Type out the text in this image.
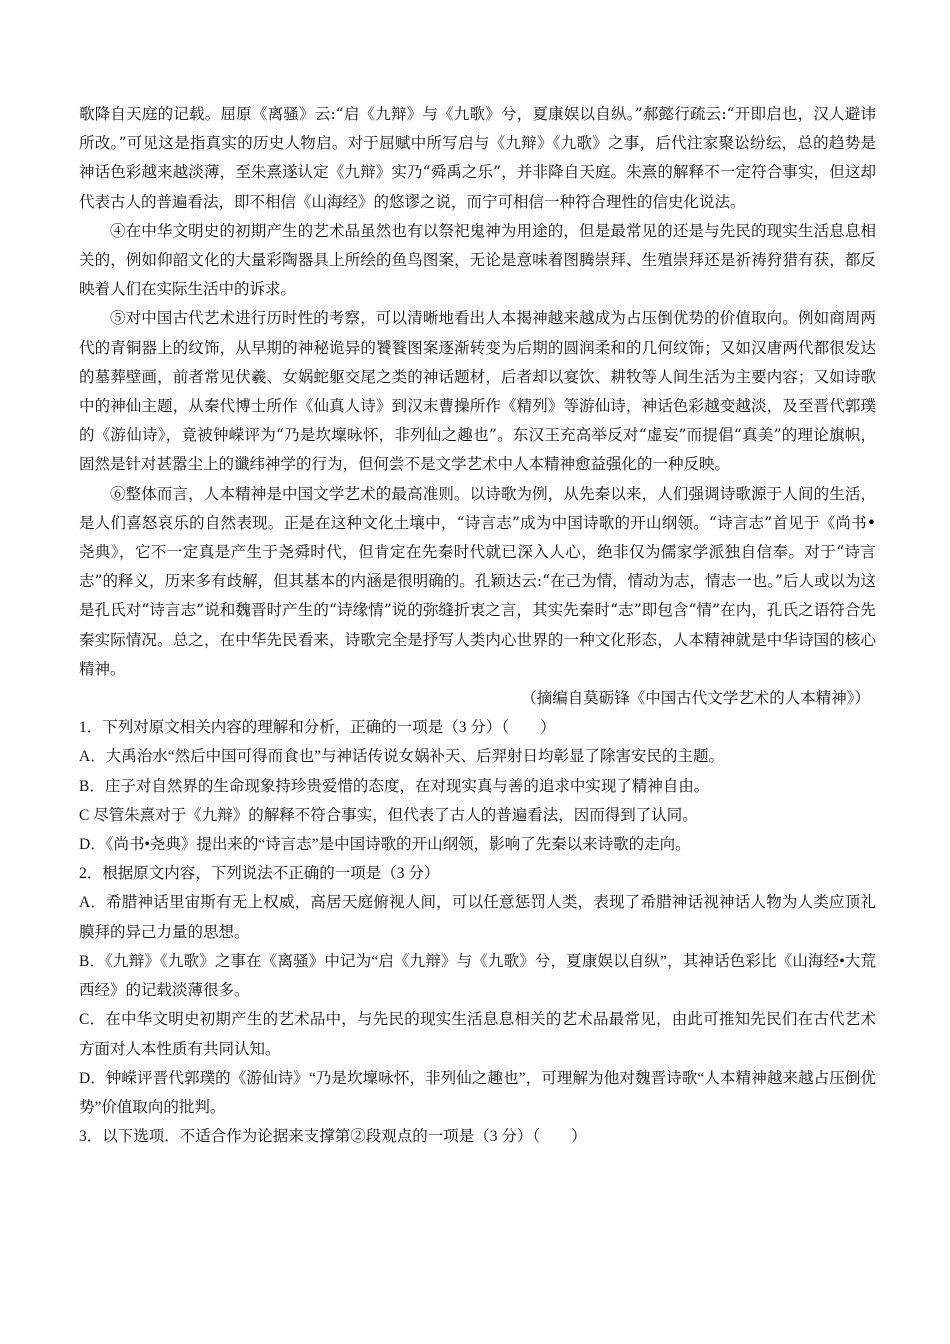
歌降自天庭的记载。屈原《离骚》云:“启《九辩》与《九歌》兮，夏康娱以自纵。”郝懿行疏云:“开即启也，汉人避讳所改。”可见这是指真实的历史人物启。对于屈赋中所写启与《九辩》《九歌》之事，后代注家聚讼纷纭，总的趋势是神话色彩越来越淡薄，至朱熹遂认定《九辩》实乃“舜禹之乐”，并非降自天庭。朱熹的解释不一定符合事实，但这却代表古人的普遍看法，即不相信《山海经》的悠谬之说，而宁可相信一种符合理性的信史化说法。

④在中华文明史的初期产生的艺术品虽然也有以祭祀鬼神为用途的，但是最常见的还是与先民的现实生活息息相关的，例如仰韶文化的大量彩陶器具上所绘的鱼鸟图案，无论是意味着图腾崇拜、生殖崇拜还是祈祷狩猎有获，都反映着人们在实际生活中的诉求。

⑤对中国古代艺术进行历时性的考察，可以清晰地看出人本揭神越来越成为占压倒优势的价值取向。例如商周两代的青铜器上的纹饰，从早期的神秘诡异的饕餮图案逐渐转变为后期的圆润柔和的几何纹饰；又如汉唐两代都很发达的墓葬壁画，前者常见伏羲、女娲蛇躯交尾之类的神话题材，后者却以宴饮、耕牧等人间生活为主要内容；又如诗歌中的神仙主题，从秦代博士所作《仙真人诗》到汉末曹操所作《精列》等游仙诗，神话色彩越变越淡，及至晋代郭璞的《游仙诗》，竟被钟嵘评为“乃是坎壈咏怀，非列仙之趣也”。东汉王充高举反对“虚妄”而提倡“真美”的理论旗帜，固然是针对甚嚣尘上的谶纬神学的行为，但何尝不是文学艺术中人本精神愈益强化的一种反映。

⑥整体而言，人本精神是中国文学艺术的最高准则。以诗歌为例，从先秦以来，人们强调诗歌源于人间的生活，是人们喜怒哀乐的自然表现。正是在这种文化土壤中，“诗言志”成为中国诗歌的开山纲领。“诗言志”首见于《尚书•尧典》，它不一定真是产生于尧舜时代，但肯定在先秦时代就已深入人心，绝非仅为儒家学派独自信奉。对于“诗言志”的释义，历来多有歧解，但其基本的内涵是很明确的。孔颖达云:“在己为情，情动为志，情志一也。”后人或以为这是孔氏对“诗言志”说和魏晋时产生的“诗缘情”说的弥缝折衷之言，其实先秦时“志”即包含“情”在内，孔氏之语符合先秦实际情况。总之，在中华先民看来，诗歌完全是抒写人类内心世界的一种文化形态，人本精神就是中华诗国的核心精神。

（摘编自莫砺锋《中国古代文学艺术的人本精神》）

1．下列对原文相关内容的理解和分析，正确的一项是（3 分）（　　）

A．大禹治水“然后中国可得而食也”与神话传说女娲补天、后羿射日均彰显了除害安民的主题。

B．庄子对自然界的生命现象持珍贵爱惜的态度，在对现实真与善的追求中实现了精神自由。

C 尽管朱熹对于《九辩》的解释不符合事实，但代表了古人的普遍看法，因而得到了认同。

D．《尚书•尧典》提出来的“诗言志”是中国诗歌的开山纲领，影响了先秦以来诗歌的走向。

2．根据原文内容，下列说法不正确的一项是（3 分）

A．希腊神话里宙斯有无上权威，高居天庭俯视人间，可以任意惩罚人类，表现了希腊神话视神话人物为人类应顶礼膜拜的异己力量的思想。

B．《九辩》《九歌》之事在《离骚》中记为“启《九辩》与《九歌》兮，夏康娱以自纵”，其神话色彩比《山海经•大荒西经》的记载淡薄很多。

C．在中华文明史初期产生的艺术品中，与先民的现实生活息息相关的艺术品最常见，由此可推知先民们在古代艺术方面对人本性质有共同认知。

D．钟嵘评晋代郭璞的《游仙诗》“乃是坎壈咏怀，非列仙之趣也”，可理解为他对魏晋诗歌“人本精神越来越占压倒优势”价值取向的批判。

3．以下选项．不适合作为论据来支撑第②段观点的一项是（3 分）（　　）
